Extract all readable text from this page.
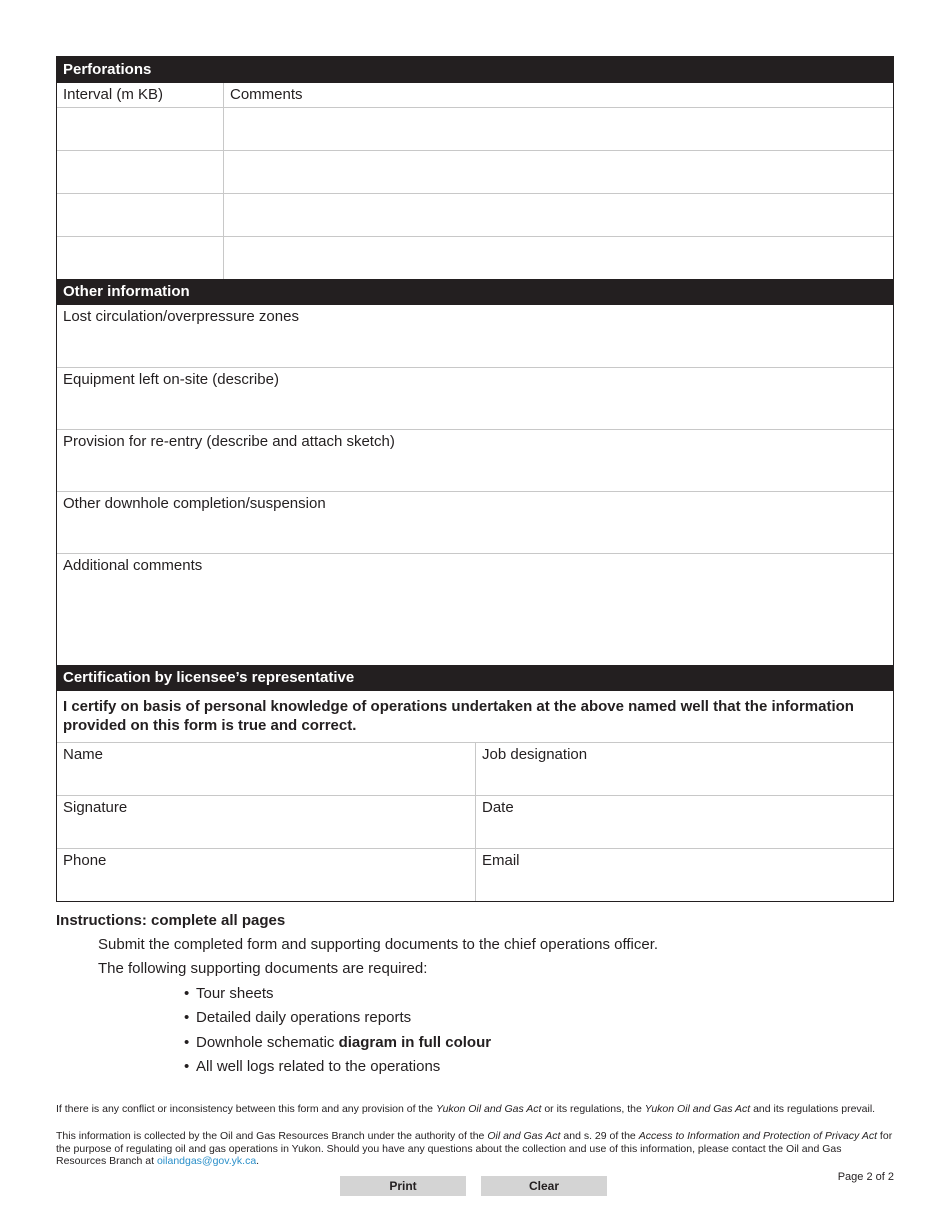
Perforations
Interval (m KB)	Comments
Other information
Lost circulation/overpressure zones
Equipment left on-site (describe)
Provision for re-entry (describe and attach sketch)
Other downhole completion/suspension
Additional comments
Certification by licensee’s representative
I certify on basis of personal knowledge of operations undertaken at the above named well that the information provided on this form is true and correct.
Name	Job designation
Signature	Date
Phone	Email
Instructions: complete all pages
Submit the completed form and supporting documents to the chief operations officer.
The following supporting documents are required:
• Tour sheets
• Detailed daily operations reports
• Downhole schematic diagram in full colour
• All well logs related to the operations
If there is any conflict or inconsistency between this form and any provision of the Yukon Oil and Gas Act or its regulations, the Yukon Oil and Gas Act and its regulations prevail.
This information is collected by the Oil and Gas Resources Branch under the authority of the Oil and Gas Act and s. 29 of the Access to Information and Protection of Privacy Act for the purpose of regulating oil and gas operations in Yukon. Should you have any questions about the collection and use of this information, please contact the Oil and Gas Resources Branch at oilandgas@gov.yk.ca.
Page 2 of 2
Print	Clear
